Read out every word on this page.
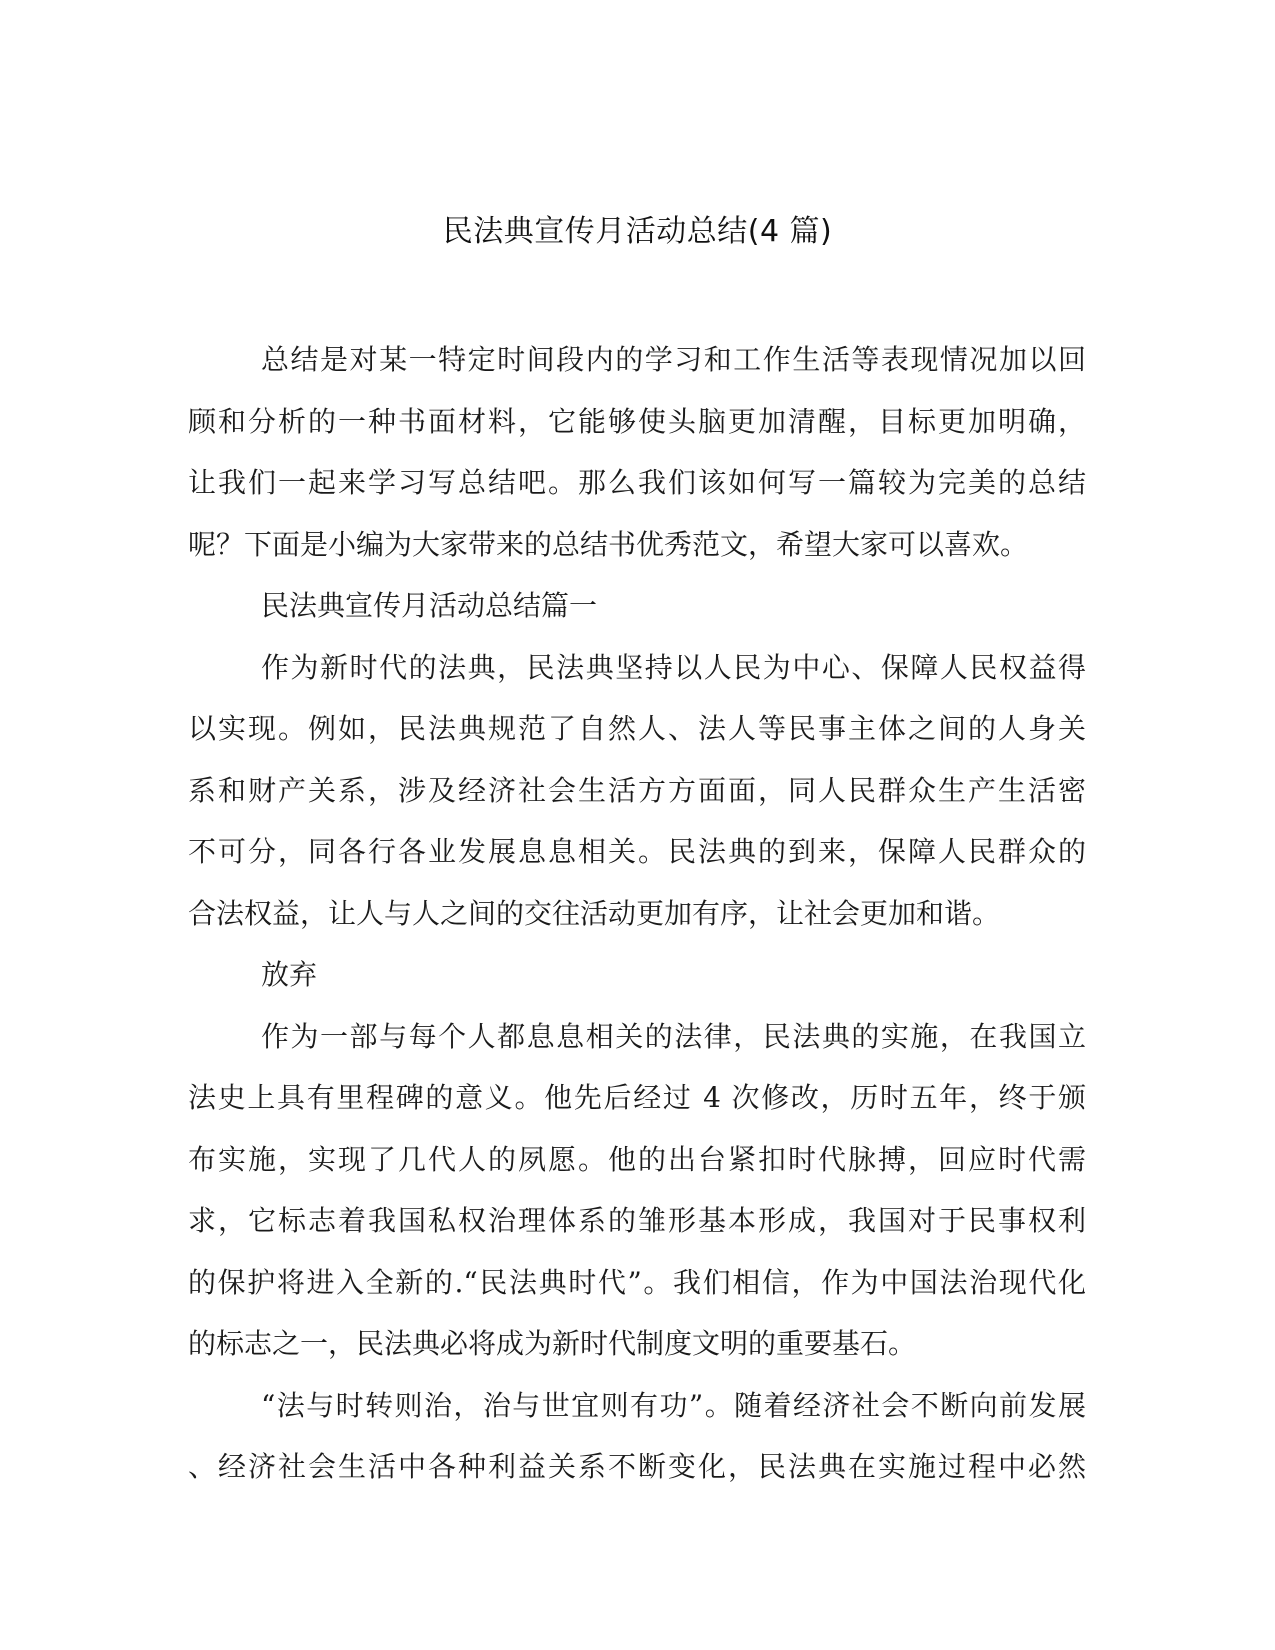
民法典宣传月活动总结(4 篇)
总结是对某一特定时间段内的学习和工作生活等表现情况加以回
顾和分析的一种书面材料，它能够使头脑更加清醒，目标更加明确，
让我们一起来学习写总结吧。那么我们该如何写一篇较为完美的总结
呢？下面是小编为大家带来的总结书优秀范文，希望大家可以喜欢。
民法典宣传月活动总结篇一
作为新时代的法典，民法典坚持以人民为中心、保障人民权益得
以实现。例如，民法典规范了自然人、法人等民事主体之间的人身关
系和财产关系，涉及经济社会生活方方面面，同人民群众生产生活密
不可分，同各行各业发展息息相关。民法典的到来，保障人民群众的
合法权益，让人与人之间的交往活动更加有序，让社会更加和谐。
放弃
作为一部与每个人都息息相关的法律，民法典的实施，在我国立
法史上具有里程碑的意义。他先后经过 4 次修改，历时五年，终于颁
布实施，实现了几代人的夙愿。他的出台紧扣时代脉搏，回应时代需
求，它标志着我国私权治理体系的雏形基本形成，我国对于民事权利
的保护将进入全新的.“民法典时代”。我们相信，作为中国法治现代化
的标志之一，民法典必将成为新时代制度文明的重要基石。
“法与时转则治，治与世宜则有功”。随着经济社会不断向前发展
、经济社会生活中各种利益关系不断变化，民法典在实施过程中必然
